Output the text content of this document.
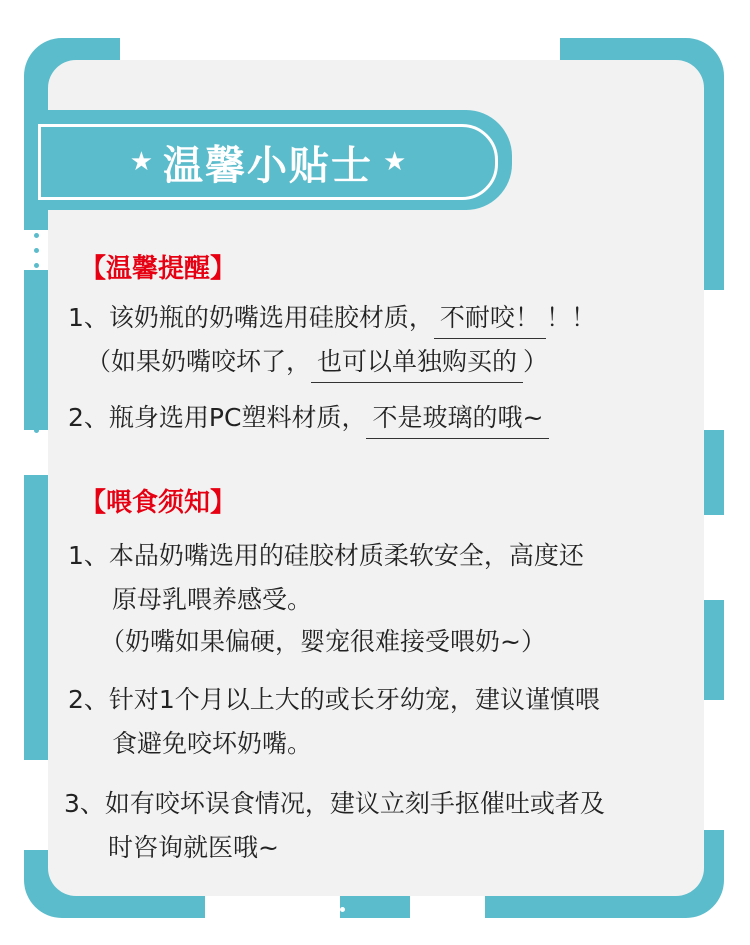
★ 温馨小贴士 ★
【温馨提醒】
1、该奶瓶的奶嘴选用硅胶材质， 不耐咬！ ！！
（如果奶嘴咬坏了， 也可以单独购买的 ）
2、瓶身选用PC塑料材质， 不是玻璃的哦~
【喂食须知】
1、本品奶嘴选用的硅胶材质柔软安全，高度还
原母乳喂养感受。
（奶嘴如果偏硬，婴宠很难接受喂奶~）
2、针对1个月以上大的或长牙幼宠，建议谨慎喂
食避免咬坏奶嘴。
3、如有咬坏误食情况，建议立刻手抠催吐或者及
时咨询就医哦~
